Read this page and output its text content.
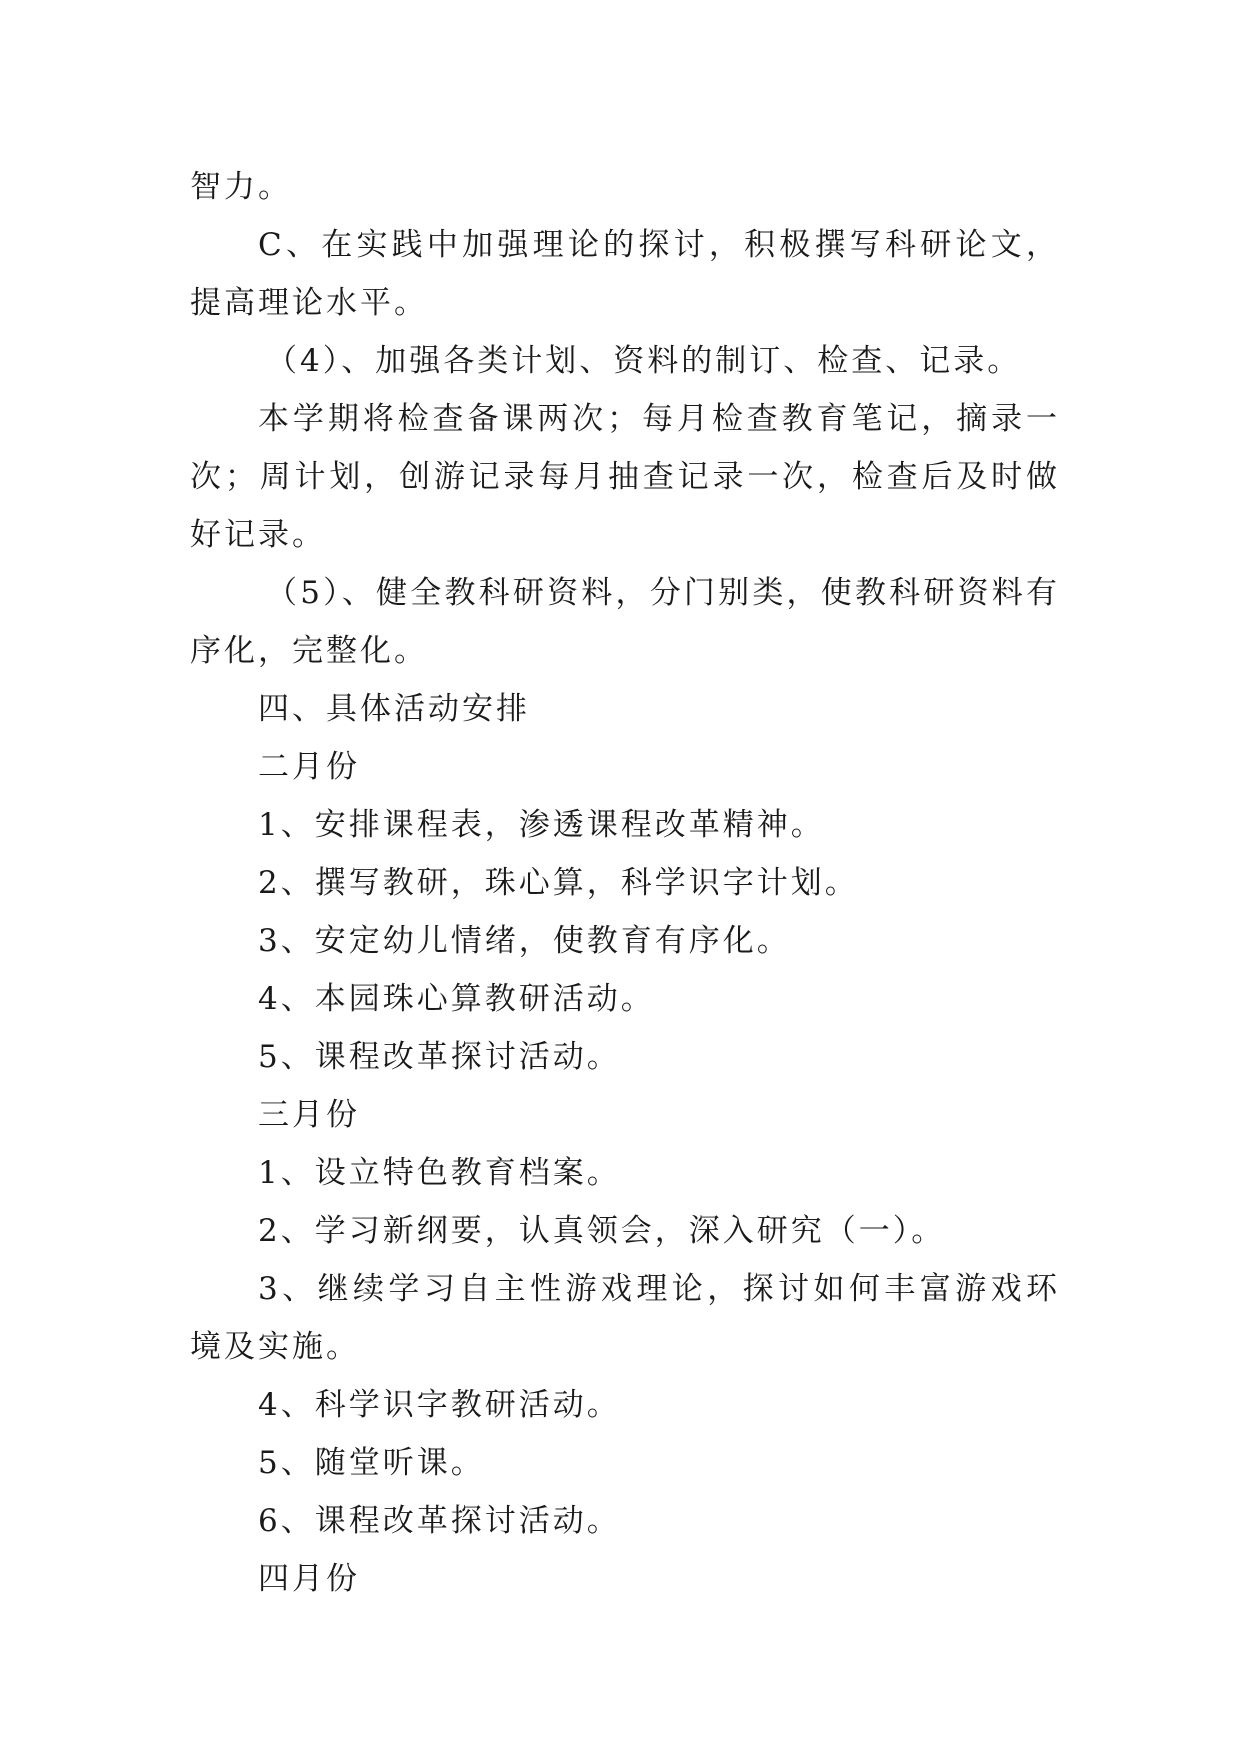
智力。

C、在实践中加强理论的探讨，积极撰写科研论文，提高理论水平。

（4）、加强各类计划、资料的制订、检查、记录。

本学期将检查备课两次；每月检查教育笔记，摘录一次；周计划，创游记录每月抽查记录一次，检查后及时做好记录。

（5）、健全教科研资料，分门别类，使教科研资料有序化，完整化。

四、具体活动安排

二月份

1、安排课程表，渗透课程改革精神。

2、撰写教研，珠心算，科学识字计划。

3、安定幼儿情绪，使教育有序化。

4、本园珠心算教研活动。

5、课程改革探讨活动。

三月份

1、设立特色教育档案。

2、学习新纲要，认真领会，深入研究（一）。

3、继续学习自主性游戏理论，探讨如何丰富游戏环境及实施。

4、科学识字教研活动。

5、随堂听课。

6、课程改革探讨活动。

四月份
